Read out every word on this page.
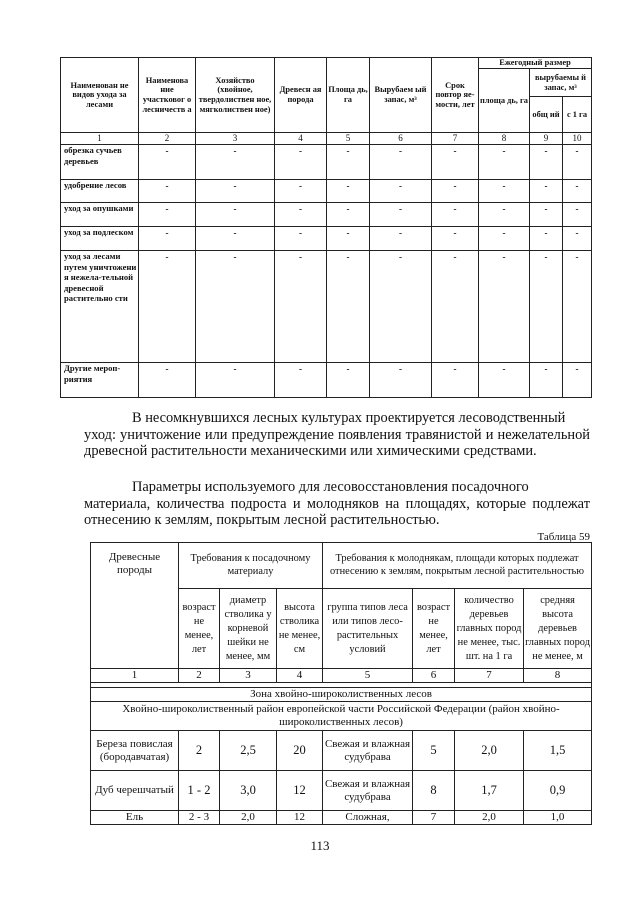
Наименован не видов ухода за лесами	Наименова ние участковог о лесничеств а	Хозяйство (хвойное, твердолиствен ное, мягколиствен ное)	Древесн ая порода	Площа дь, га	Вырубаем ый запас, м³	Срок повтор яе-мости, лет	Ежегодный размер		
							площа дь, га	вырубаемы й запас, м³	
								общ ий	с 1 га
1	2	3	4	5	6	7	8	9	10
обрезка сучьев деревьев	-	-	-	-	-	-	-	-	-
удобрение лесов	-	-	-	-	-	-	-	-	-
уход за опушками	-	-	-	-	-	-	-	-	-
уход за подлеском	-	-	-	-	-	-	-	-	-
уход за лесами путем уничтожени я нежела-тельной древесной растительно сти	-	-	-	-	-	-	-	-	-
Другие мероп-риятия	-	-	-	-	-	-	-	-	-
В несомкнувшихся лесных культурах проектируется лесоводственный
уход: уничтожение или предупреждение появления травянистой и нежелательной древесной растительности механическими или химическими средствами.
Параметры используемого для лесовосстановления посадочного
материала, количества подроста и молодняков на площадях, которые подлежат отнесению к землям, покрытым лесной растительностью.
Таблица 59
Древесные породы	Требования к посадочному материалу			Требования к молоднякам, площади которых подлежат отнесению к землям, покрытым лесной растительностью			
	возраст не менее, лет	диаметр стволика у корневой шейки не менее, мм	высота стволика не менее, см	группа типов леса или типов лесо-растительных условий	возраст не менее, лет	количество деревьев главных пород не менее, тыс. шт. на 1 га	средняя высота деревьев главных пород не менее, м
1	2	3	4	5	6	7	8

Зона хвойно-широколиственных лесов							
Хвойно-широколиственный район европейской части Российской Федерации (район хвойно-широколиственных лесов)							
Береза повислая (бородавчатая)	2	2,5	20	Свежая и влажная судубрава	5	2,0	1,5
Дуб черешчатый	1 - 2	3,0	12	Свежая и влажная судубрава	8	1,7	0,9
Ель	2 - 3	2,0	12	Сложная,	7	2,0	1,0
113
